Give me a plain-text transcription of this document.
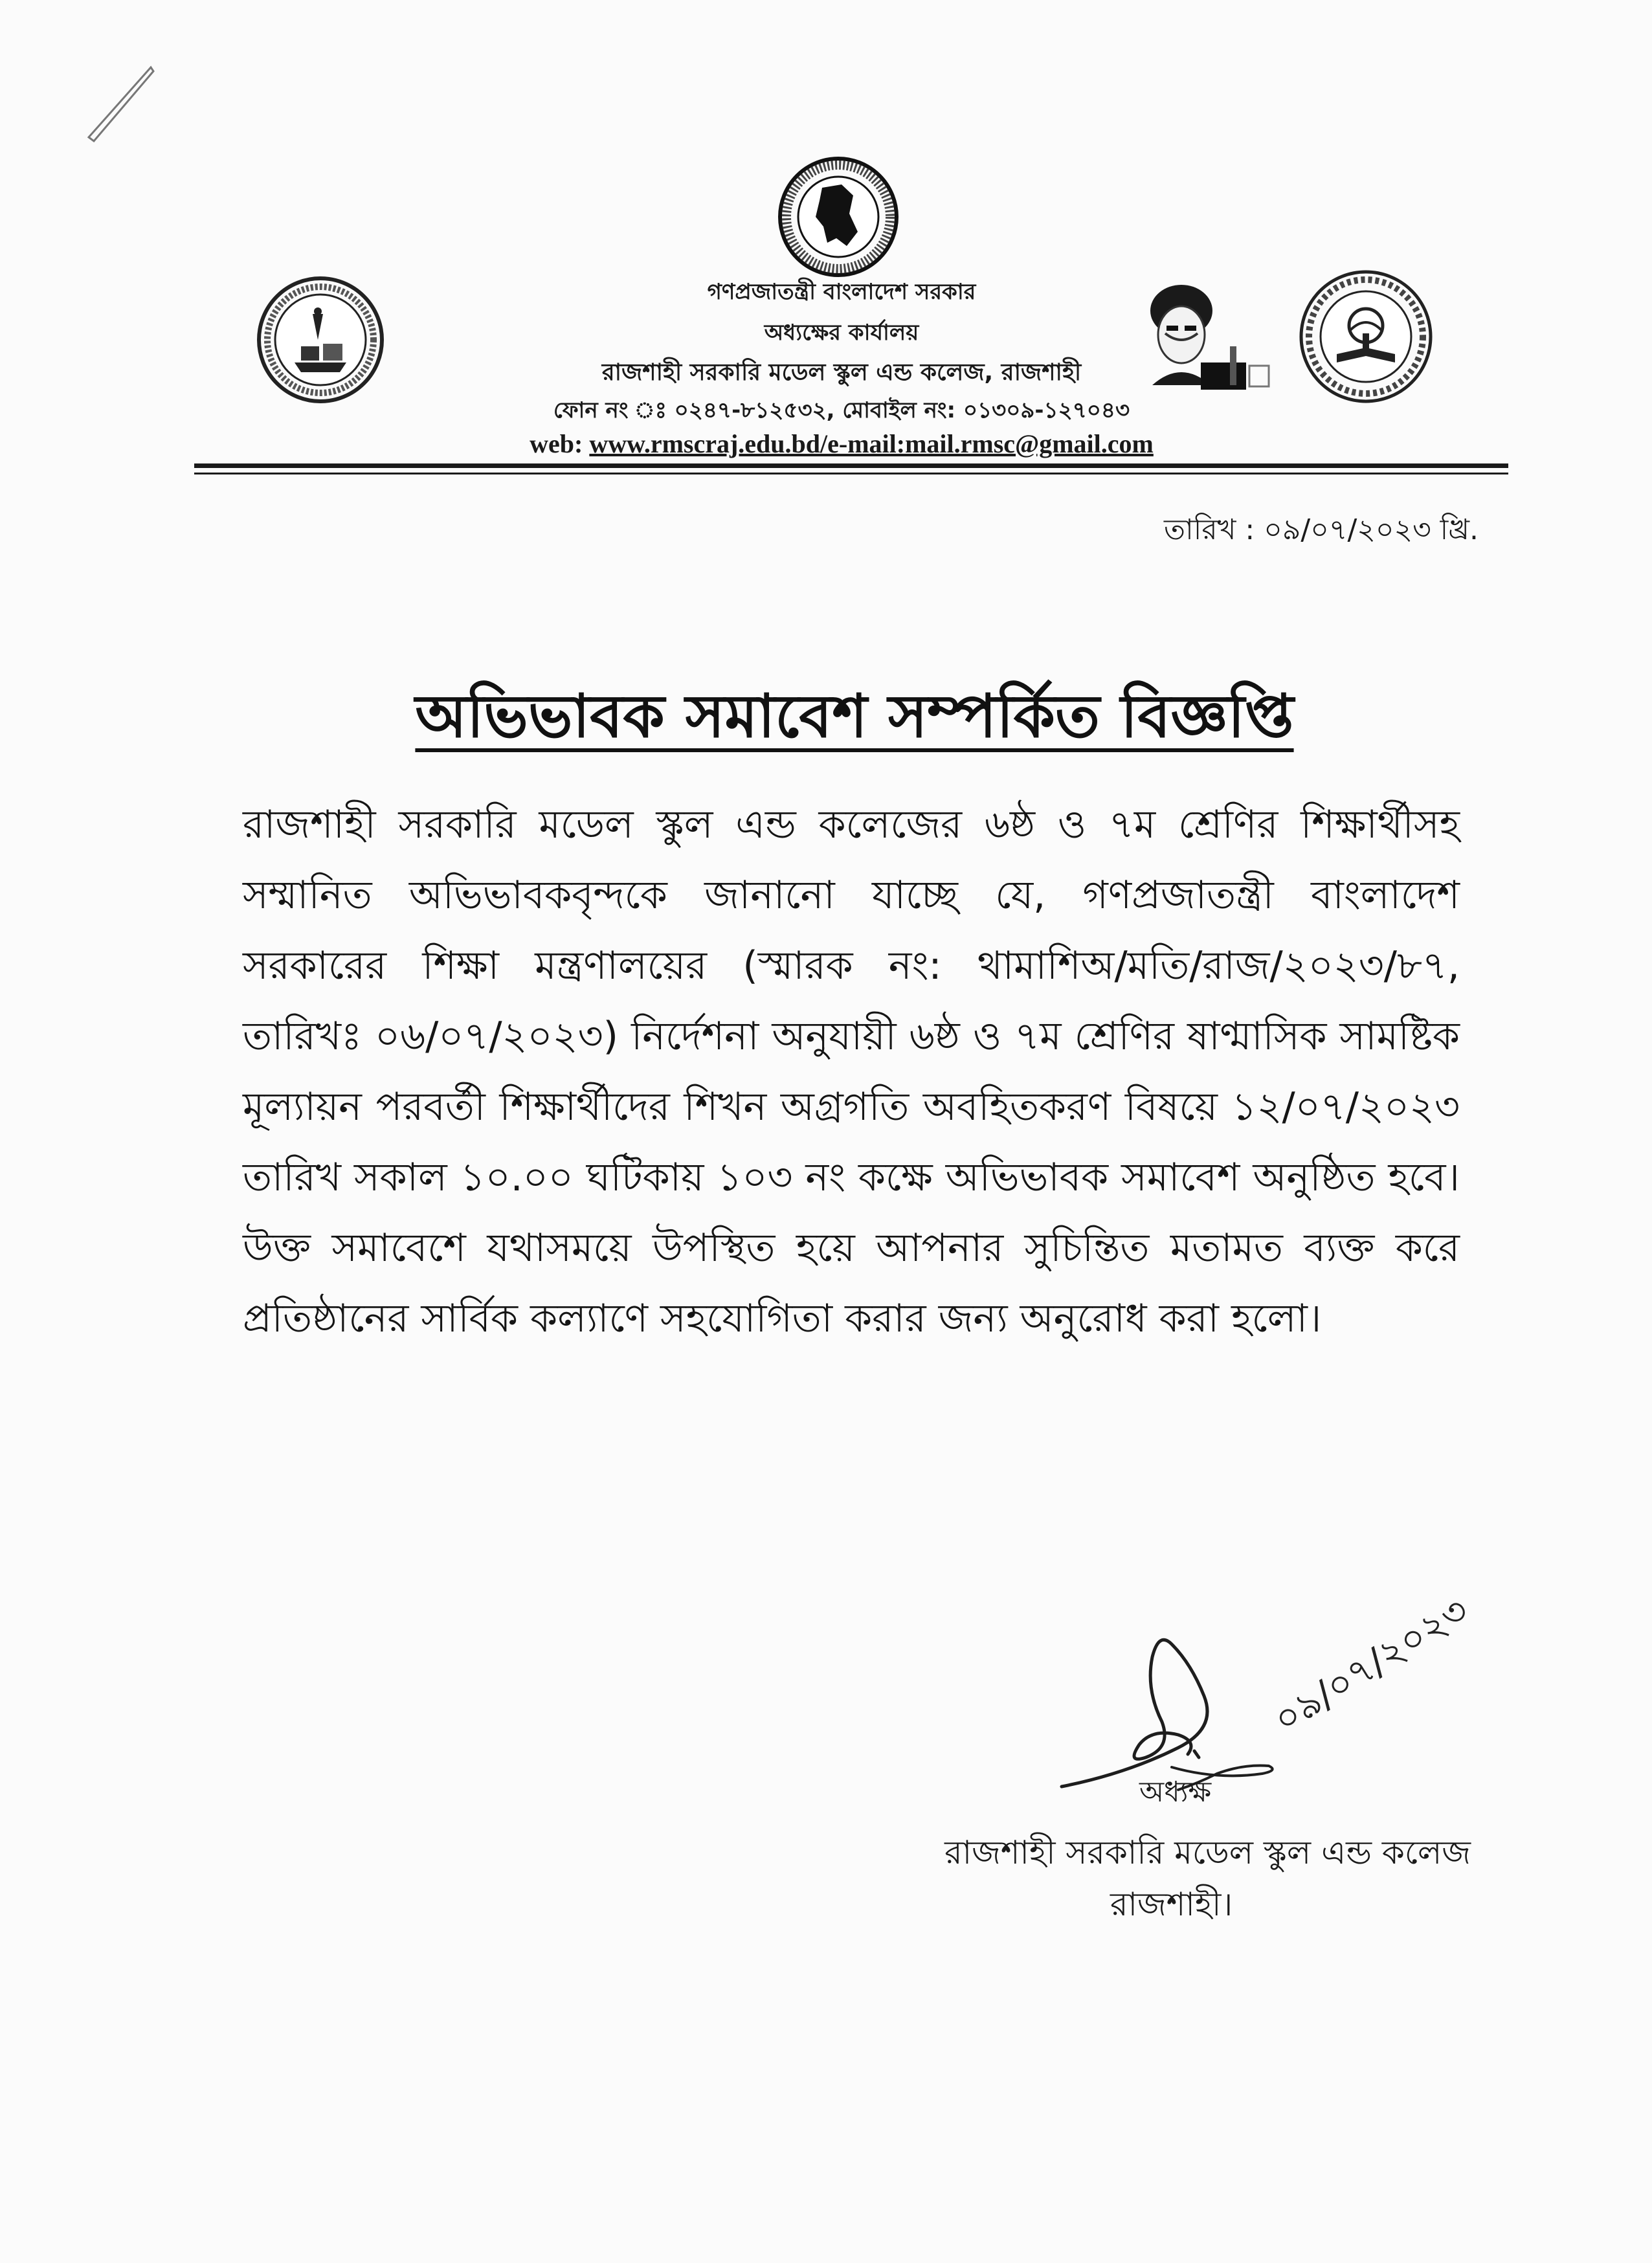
গণপ্রজাতন্ত্রী বাংলাদেশ সরকার
অধ্যক্ষের কার্যালয়
রাজশাহী সরকারি মডেল স্কুল এন্ড কলেজ, রাজশাহী
ফোন নং ঃ ০২৪৭-৮১২৫৩২, মোবাইল নং: ০১৩০৯-১২৭০৪৩
web: www.rmscraj.edu.bd/e-mail:mail.rmsc@gmail.com
তারিখ : ০৯/০৭/২০২৩ খ্রি.
অভিভাবক সমাবেশ সম্পর্কিত বিজ্ঞপ্তি
রাজশাহী সরকারি মডেল স্কুল এন্ড কলেজের ৬ষ্ঠ ও ৭ম শ্রেণির শিক্ষার্থীসহ সম্মানিত অভিভাবকবৃন্দকে জানানো যাচ্ছে যে, গণপ্রজাতন্ত্রী বাংলাদেশ সরকারের শিক্ষা মন্ত্রণালয়ের (স্মারক নং: থামাশিঅ/মতি/রাজ/২০২৩/৮৭, তারিখঃ ০৬/০৭/২০২৩) নির্দেশনা অনুযায়ী ৬ষ্ঠ ও ৭ম শ্রেণির ষাণ্মাসিক সামষ্টিক মূল্যায়ন পরবর্তী শিক্ষার্থীদের শিখন অগ্রগতি অবহিতকরণ বিষয়ে ১২/০৭/২০২৩ তারিখ সকাল ১০.০০ ঘটিকায় ১০৩ নং কক্ষে অভিভাবক সমাবেশ অনুষ্ঠিত হবে। উক্ত সমাবেশে যথাসময়ে উপস্থিত হয়ে আপনার সুচিন্তিত মতামত ব্যক্ত করে প্রতিষ্ঠানের সার্বিক কল্যাণে সহযোগিতা করার জন্য অনুরোধ করা হলো।
০৯/০৭/২০২৩
অধ্যক্ষ
রাজশাহী সরকারি মডেল স্কুল এন্ড কলেজ
রাজশাহী।
